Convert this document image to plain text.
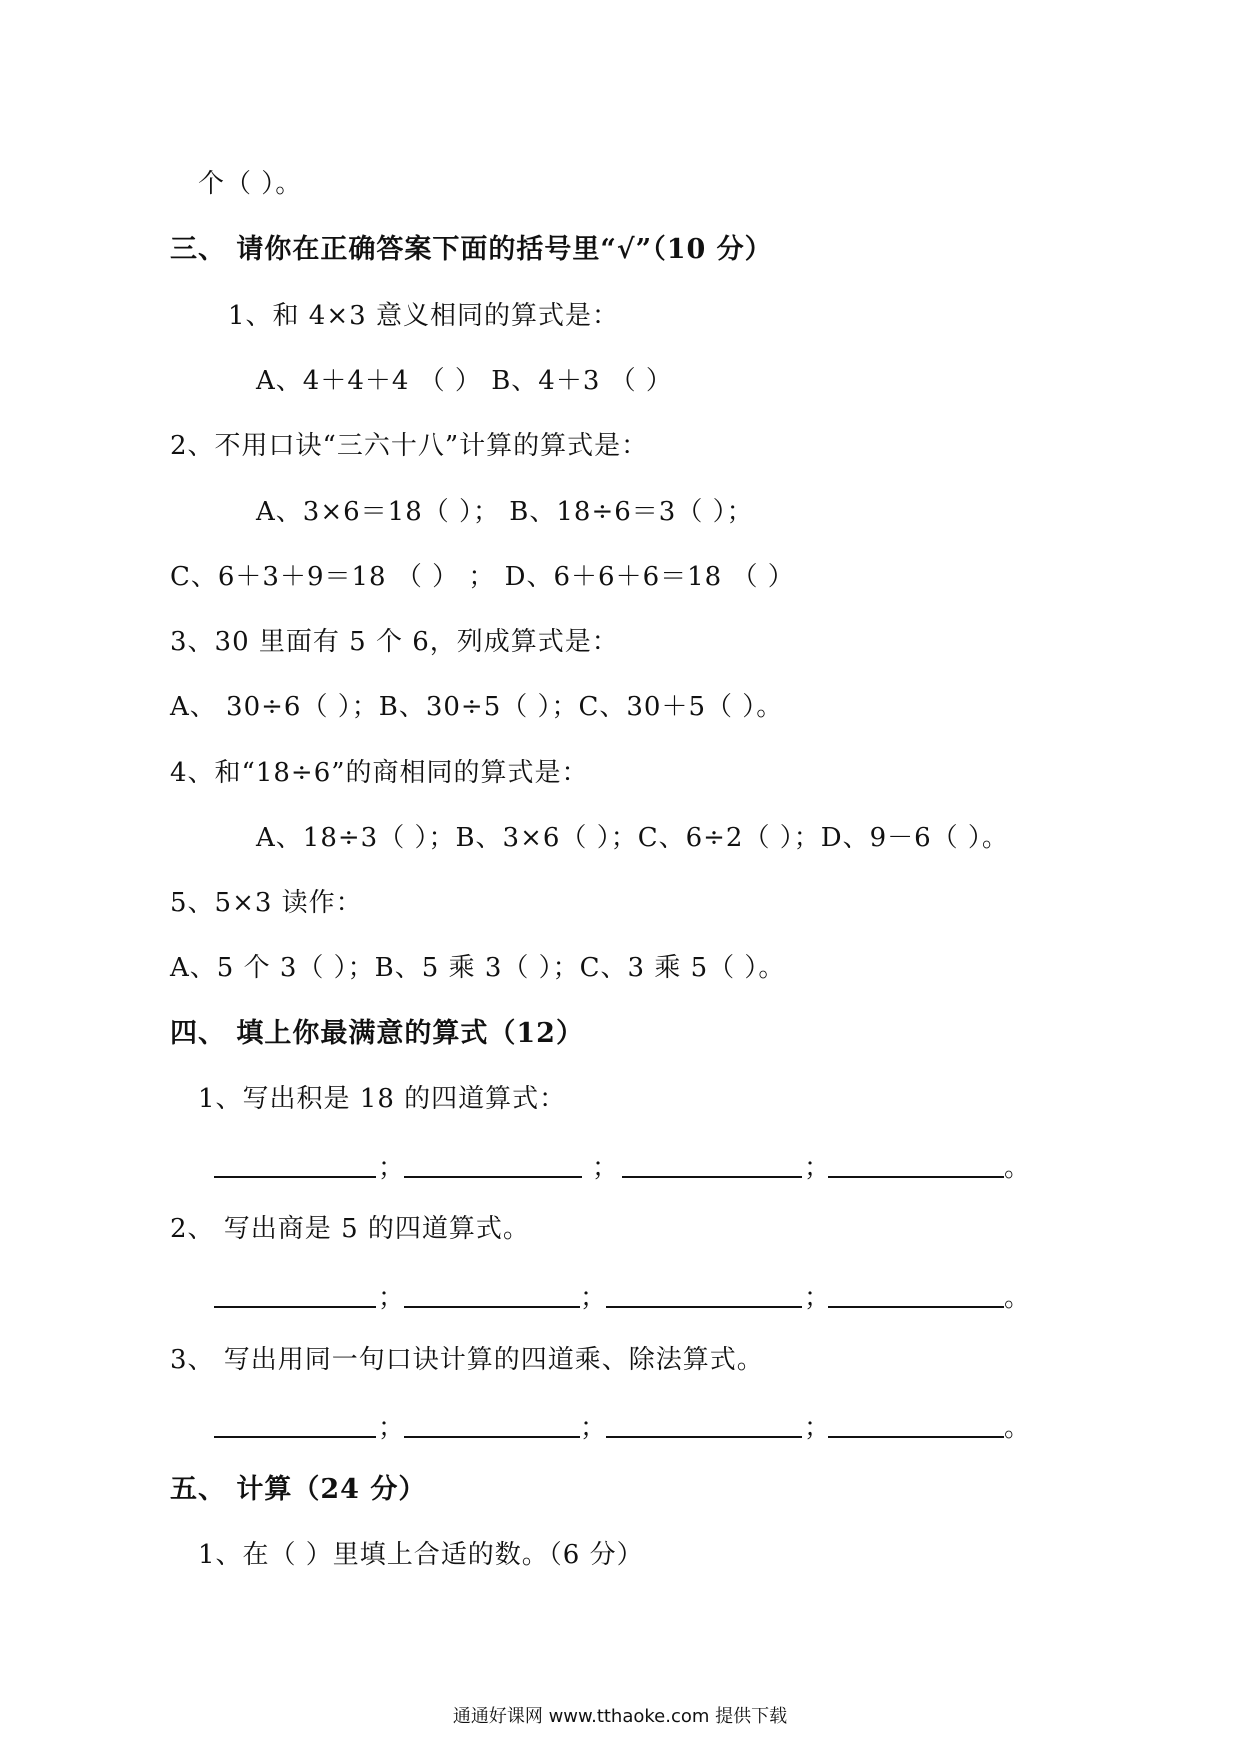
个（ ）。
三、 请你在正确答案下面的括号里“√”（10 分）
1、和 4×3 意义相同的算式是：
A、4＋4＋4 （ ） B、4＋3 （ ）
2、不用口诀“三六十八”计算的算式是：
A、3×6＝18（ ）； B、18÷6＝3（ ）；
C、6＋3＋9＝18 （ ） ； D、6＋6＋6＝18 （ ）
3、30 里面有 5 个 6，列成算式是：
A、 30÷6（ ）；B、30÷5（ ）；C、30＋5（ ）。
4、和“18÷6”的商相同的算式是：
A、18÷3（ ）；B、3×6（ ）；C、6÷2（ ）；D、9－6（ ）。
5、5×3 读作：
A、5 个 3（ ）；B、5 乘 3（ ）；C、3 乘 5（ ）。
四、 填上你最满意的算式（12）
1、写出积是 18 的四道算式：
；	；	；	。
2、 写出商是 5 的四道算式。
；	；	；	。
3、 写出用同一句口诀计算的四道乘、除法算式。
；	；	；	。
五、 计算（24 分）
1、在（ ）里填上合适的数。（6 分）
通通好课网 www.tthaoke.com 提供下载
